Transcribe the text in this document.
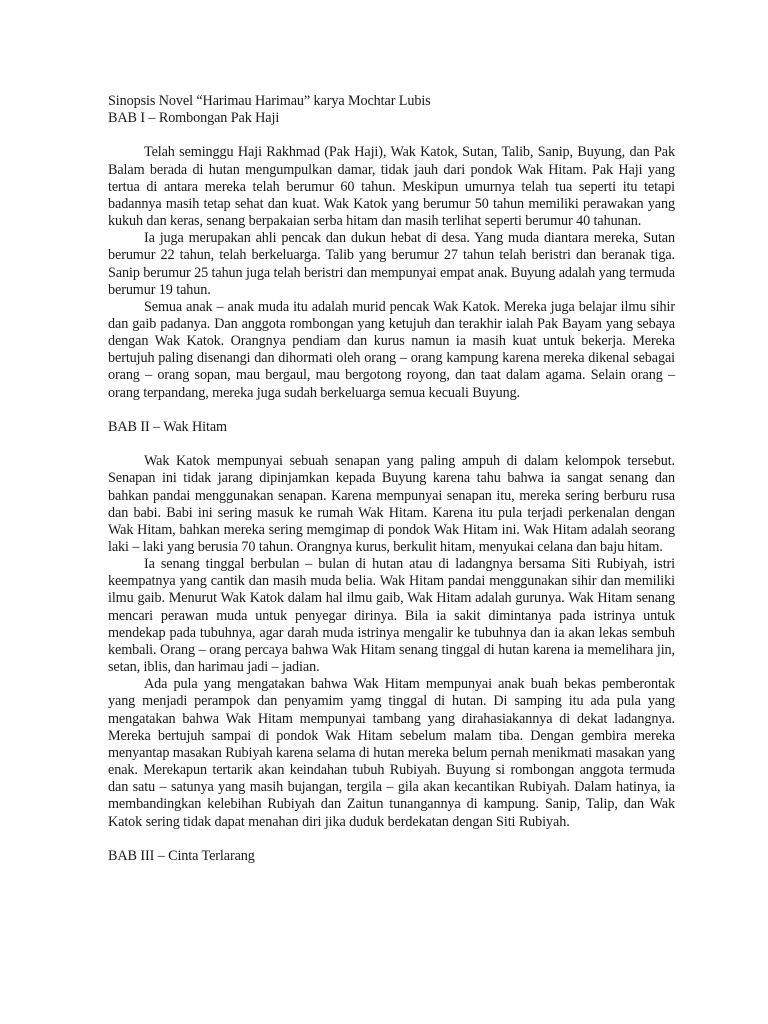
Sinopsis Novel “Harimau Harimau” karya Mochtar Lubis

BAB I – Rombongan Pak Haji

Telah seminggu Haji Rakhmad (Pak Haji), Wak Katok, Sutan, Talib, Sanip, Buyung, dan Pak Balam berada di hutan mengumpulkan damar, tidak jauh dari pondok Wak Hitam. Pak Haji yang tertua di antara mereka telah berumur 60 tahun. Meskipun umurnya telah tua seperti itu tetapi badannya masih tetap sehat dan kuat. Wak Katok yang berumur 50 tahun memiliki perawakan yang kukuh dan keras, senang berpakaian serba hitam dan masih terlihat seperti berumur 40 tahunan.

Ia juga merupakan ahli pencak dan dukun hebat di desa. Yang muda diantara mereka, Sutan berumur 22 tahun, telah berkeluarga. Talib yang berumur 27 tahun telah beristri dan beranak tiga. Sanip berumur 25 tahun juga telah beristri dan mempunyai empat anak. Buyung adalah yang termuda berumur 19 tahun.

Semua anak – anak muda itu adalah murid pencak Wak Katok. Mereka juga belajar ilmu sihir dan gaib padanya. Dan anggota rombongan yang ketujuh dan terakhir ialah Pak Bayam yang sebaya dengan Wak Katok. Orangnya pendiam dan kurus namun ia masih kuat untuk bekerja. Mereka bertujuh paling disenangi dan dihormati oleh orang – orang kampung karena mereka dikenal sebagai orang – orang sopan, mau bergaul, mau bergotong royong, dan taat dalam agama. Selain orang – orang terpandang, mereka juga sudah berkeluarga semua kecuali Buyung.

BAB II – Wak Hitam

Wak Katok mempunyai sebuah senapan yang paling ampuh di dalam kelompok tersebut. Senapan ini tidak jarang dipinjamkan kepada Buyung karena tahu bahwa ia sangat senang dan bahkan pandai menggunakan senapan. Karena mempunyai senapan itu, mereka sering berburu rusa dan babi. Babi ini sering masuk ke rumah Wak Hitam. Karena itu pula terjadi perkenalan dengan Wak Hitam, bahkan mereka sering memgimap di pondok Wak Hitam ini. Wak Hitam adalah seorang laki – laki yang berusia 70 tahun. Orangnya kurus, berkulit hitam, menyukai celana dan baju hitam.

Ia senang tinggal berbulan – bulan di hutan atau di ladangnya bersama Siti Rubiyah, istri keempatnya yang cantik dan masih muda belia. Wak Hitam pandai menggunakan sihir dan memiliki ilmu gaib. Menurut Wak Katok dalam hal ilmu gaib, Wak Hitam adalah gurunya. Wak Hitam senang mencari perawan muda untuk penyegar dirinya. Bila ia sakit dimintanya pada istrinya untuk mendekap pada tubuhnya, agar darah muda istrinya mengalir ke tubuhnya dan ia akan lekas sembuh kembali. Orang – orang percaya bahwa Wak Hitam senang tinggal di hutan karena ia memelihara jin, setan, iblis, dan harimau jadi – jadian.

Ada pula yang mengatakan bahwa Wak Hitam mempunyai anak buah bekas pemberontak yang menjadi perampok dan penyamim yamg tinggal di hutan. Di samping itu ada pula yang mengatakan bahwa Wak Hitam mempunyai tambang yang dirahasiakannya di dekat ladangnya. Mereka bertujuh sampai di pondok Wak Hitam sebelum malam tiba. Dengan gembira mereka menyantap masakan Rubiyah karena selama di hutan mereka belum pernah menikmati masakan yang enak. Merekapun tertarik akan keindahan tubuh Rubiyah. Buyung si rombongan anggota termuda dan satu – satunya yang masih bujangan, tergila – gila akan kecantikan Rubiyah. Dalam hatinya, ia membandingkan kelebihan Rubiyah dan Zaitun tunangannya di kampung. Sanip, Talip, dan Wak Katok sering tidak dapat menahan diri jika duduk berdekatan dengan Siti Rubiyah.

BAB III – Cinta Terlarang
